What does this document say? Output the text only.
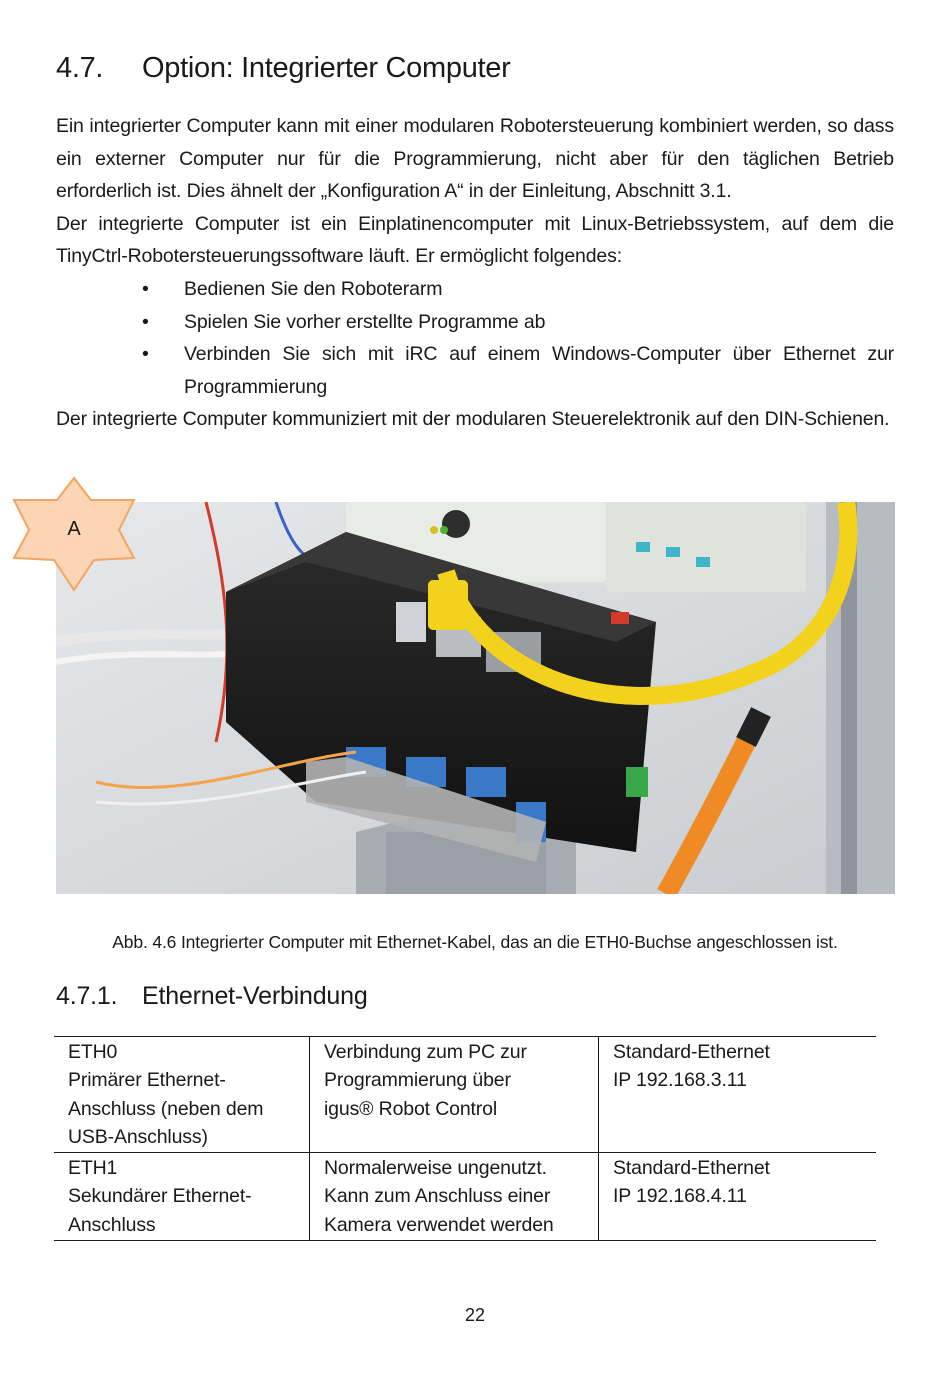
4.7. Option: Integrierter Computer

Ein integrierter Computer kann mit einer modularen Robotersteuerung kombiniert werden, so dass ein externer Computer nur für die Programmierung, nicht aber für den täglichen Betrieb erforderlich ist. Dies ähnelt der „Konfiguration A“ in der Einleitung, Abschnitt 3.1.

Der integrierte Computer ist ein Einplatinencomputer mit Linux-Betriebssystem, auf dem die TinyCtrl-Robotersteuerungssoftware läuft. Er ermöglicht folgendes:

• Bedienen Sie den Roboterarm
• Spielen Sie vorher erstellte Programme ab
• Verbinden Sie sich mit iRC auf einem Windows-Computer über Ethernet zur Programmierung

Der integrierte Computer kommuniziert mit der modularen Steuerelektronik auf den DIN-Schienen.

A
Abb. 4.6 Integrierter Computer mit Ethernet-Kabel, das an die ETH0-Buchse angeschlossen ist.
4.7.1. Ethernet-Verbindung
ETH0
Primärer Ethernet-
Anschluss (neben dem
USB-Anschluss)	Verbindung zum PC zur
Programmierung über
igus® Robot Control	Standard-Ethernet
IP 192.168.3.11

ETH1
Sekundärer Ethernet-
Anschluss	Normalerweise ungenutzt.
Kann zum Anschluss einer
Kamera verwendet werden	Standard-Ethernet
IP 192.168.4.11
22
